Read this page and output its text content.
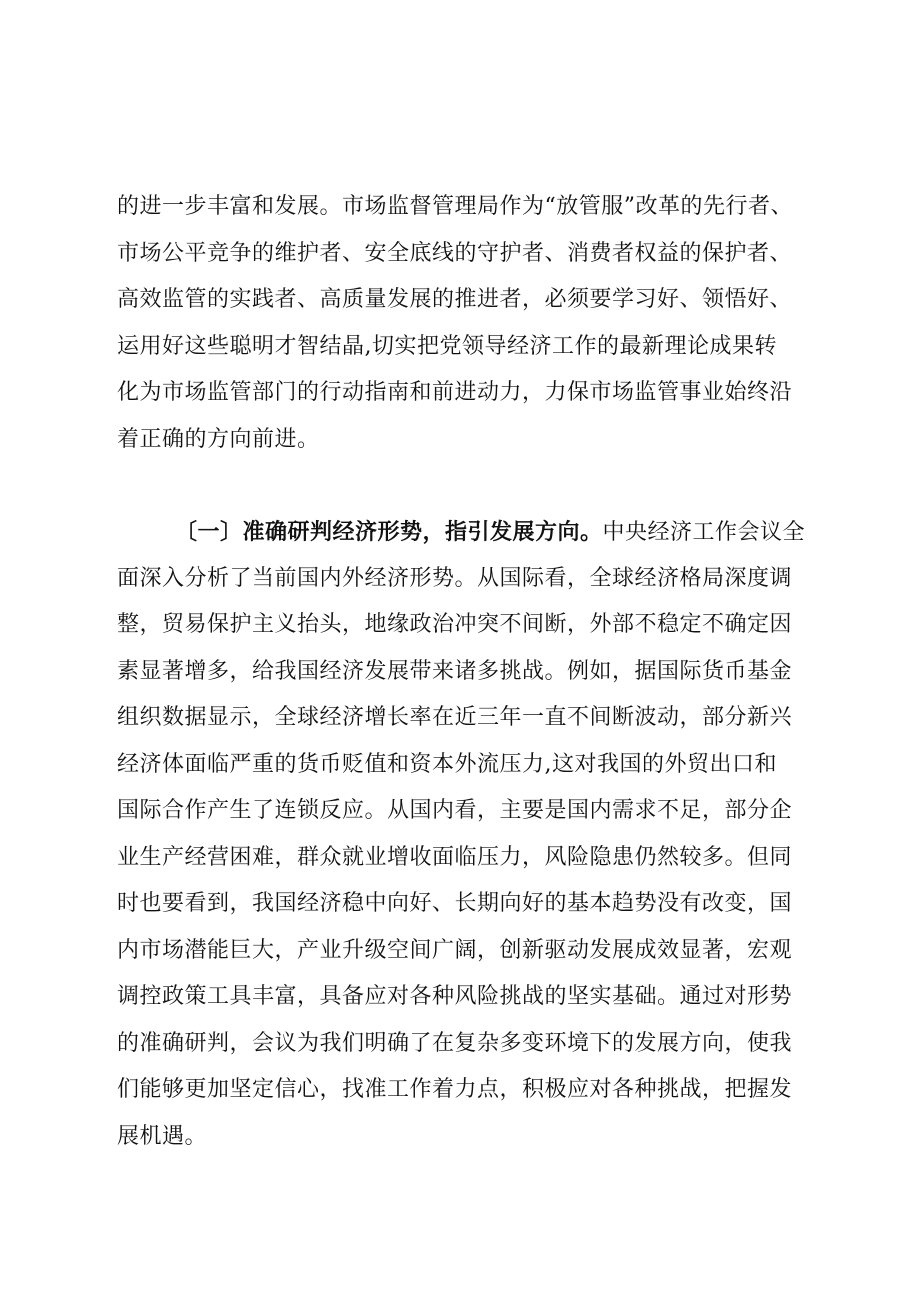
的进一步丰富和发展。市场监督管理局作为“放管服”改革的先行者、
市场公平竞争的维护者、安全底线的守护者、消费者权益的保护者、
高效监管的实践者、高质量发展的推进者，必须要学习好、领悟好、
运用好这些聪明才智结晶,切实把党领导经济工作的最新理论成果转
化为市场监管部门的行动指南和前进动力，力保市场监管事业始终沿
着正确的方向前进。
〔一〕准确研判经济形势，指引发展方向。中央经济工作会议全
面深入分析了当前国内外经济形势。从国际看，全球经济格局深度调
整，贸易保护主义抬头，地缘政治冲突不间断，外部不稳定不确定因
素显著增多，给我国经济发展带来诸多挑战。例如，据国际货币基金
组织数据显示，全球经济增长率在近三年一直不间断波动，部分新兴
经济体面临严重的货币贬值和资本外流压力,这对我国的外贸出口和
国际合作产生了连锁反应。从国内看，主要是国内需求不足，部分企
业生产经营困难，群众就业增收面临压力，风险隐患仍然较多。但同
时也要看到，我国经济稳中向好、长期向好的基本趋势没有改变，国
内市场潜能巨大，产业升级空间广阔，创新驱动发展成效显著，宏观
调控政策工具丰富，具备应对各种风险挑战的坚实基础。通过对形势
的准确研判，会议为我们明确了在复杂多变环境下的发展方向，使我
们能够更加坚定信心，找准工作着力点，积极应对各种挑战，把握发
展机遇。
